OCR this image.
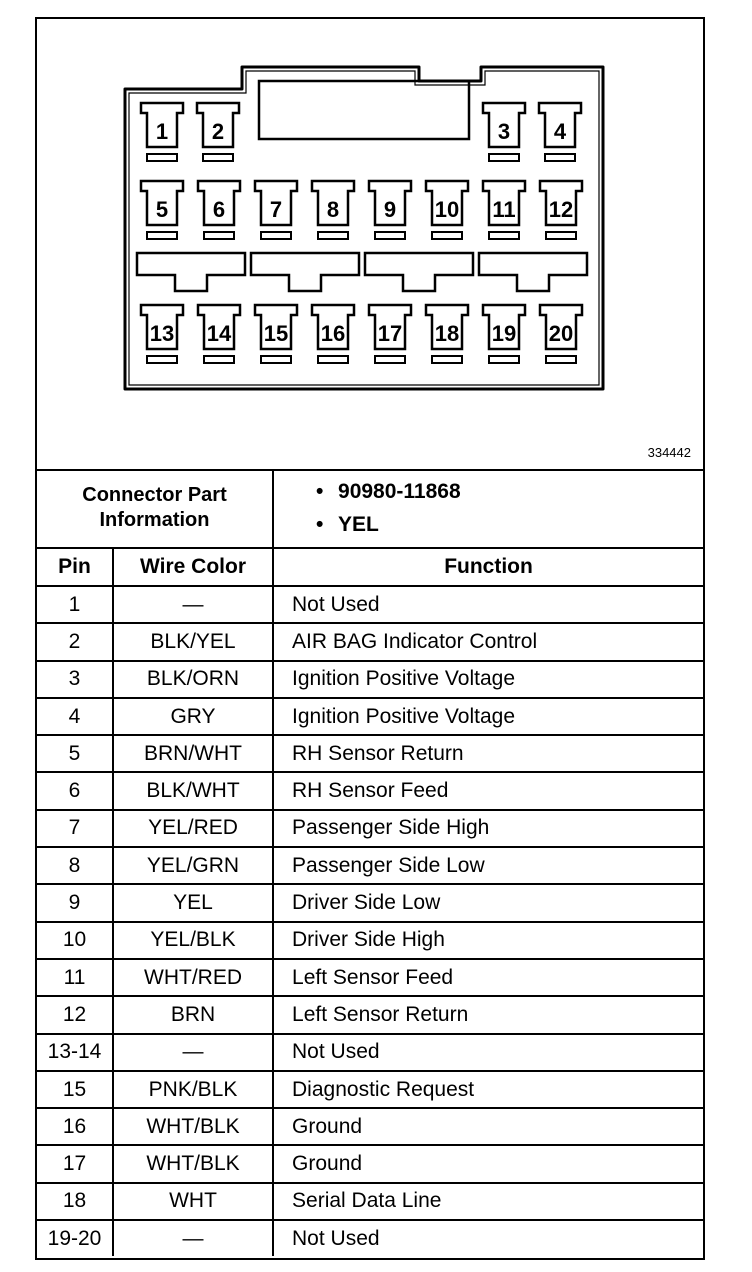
1 2	3 4
5 6 7 8 9 10 11 12
13 14 15 16 17 18 19 20
334442
Connector Part Information		• 90980-11868
• YEL

Pin	Wire Color	Function
1	—	Not Used
2	BLK/YEL	AIR BAG Indicator Control
3	BLK/ORN	Ignition Positive Voltage
4	GRY	Ignition Positive Voltage
5	BRN/WHT	RH Sensor Return
6	BLK/WHT	RH Sensor Feed
7	YEL/RED	Passenger Side High
8	YEL/GRN	Passenger Side Low
9	YEL	Driver Side Low
10	YEL/BLK	Driver Side High
11	WHT/RED	Left Sensor Feed
12	BRN	Left Sensor Return
13-14	—	Not Used
15	PNK/BLK	Diagnostic Request
16	WHT/BLK	Ground
17	WHT/BLK	Ground
18	WHT	Serial Data Line
19-20	—	Not Used
